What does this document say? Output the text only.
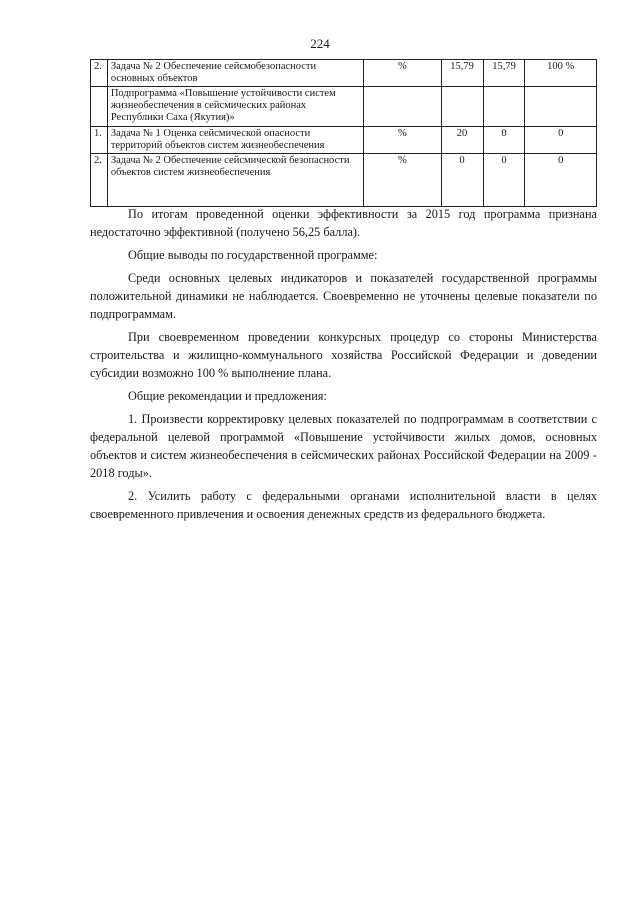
224
2.	Задача № 2 Обеспечение сейсмобезопасности основных объектов	%	15,79	15,79	100 %
	Подпрограмма «Повышение устойчивости систем жизнеобеспечения в сейсмических районах Республики Саха (Якутия)»				
1.	Задача № 1 Оценка сейсмической опасности территорий объектов систем жизнеобеспечения	%	20	0	0
2.	Задача № 2 Обеспечение сейсмической безопасности объектов систем жизнеобеспечения	%	0	0	0

По итогам проведенной оценки эффективности за 2015 год программа признана недостаточно эффективной (получено 56,25 балла).

Общие выводы по государственной программе:

Среди основных целевых индикаторов и показателей государственной программы положительной динамики не наблюдается. Своевременно не уточнены целевые показатели по подпрограммам.

При своевременном проведении конкурсных процедур со стороны Министерства строительства и жилищно-коммунального хозяйства Российской Федерации и доведении субсидии возможно 100 % выполнение плана.

Общие рекомендации и предложения:

1. Произвести корректировку целевых показателей по подпрограммам в соответствии с федеральной целевой программой «Повышение устойчивости жилых домов, основных объектов и систем жизнеобеспечения в сейсмических районах Российской Федерации на 2009 - 2018 годы».

2. Усилить работу с федеральными органами исполнительной власти в целях своевременного привлечения и освоения денежных средств из федерального бюджета.
